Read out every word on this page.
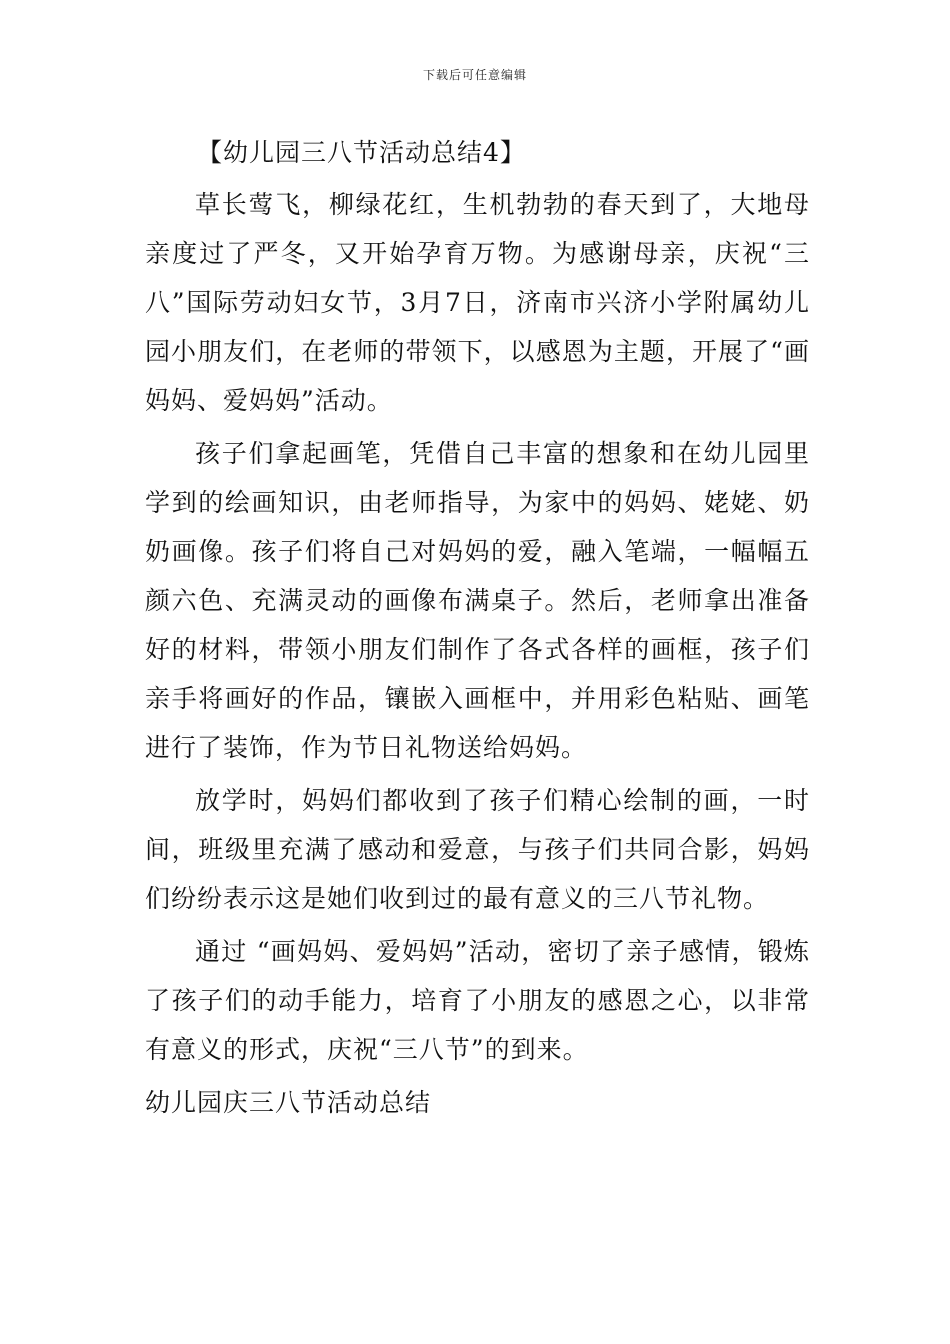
下载后可任意编辑
【幼儿园三八节活动总结4】

草长莺飞，柳绿花红，生机勃勃的春天到了，大地母亲度过了严冬，又开始孕育万物。为感谢母亲，庆祝“三八”国际劳动妇女节，3月7日，济南市兴济小学附属幼儿园小朋友们，在老师的带领下，以感恩为主题，开展了“画妈妈、爱妈妈”活动。

孩子们拿起画笔，凭借自己丰富的想象和在幼儿园里学到的绘画知识，由老师指导，为家中的妈妈、姥姥、奶奶画像。孩子们将自己对妈妈的爱，融入笔端，一幅幅五颜六色、充满灵动的画像布满桌子。然后，老师拿出准备好的材料，带领小朋友们制作了各式各样的画框，孩子们亲手将画好的作品，镶嵌入画框中，并用彩色粘贴、画笔进行了装饰，作为节日礼物送给妈妈。

放学时，妈妈们都收到了孩子们精心绘制的画，一时间，班级里充满了感动和爱意，与孩子们共同合影，妈妈们纷纷表示这是她们收到过的最有意义的三八节礼物。

通过 “画妈妈、爱妈妈”活动，密切了亲子感情，锻炼了孩子们的动手能力，培育了小朋友的感恩之心，以非常有意义的形式，庆祝“三八节”的到来。

幼儿园庆三八节活动总结
